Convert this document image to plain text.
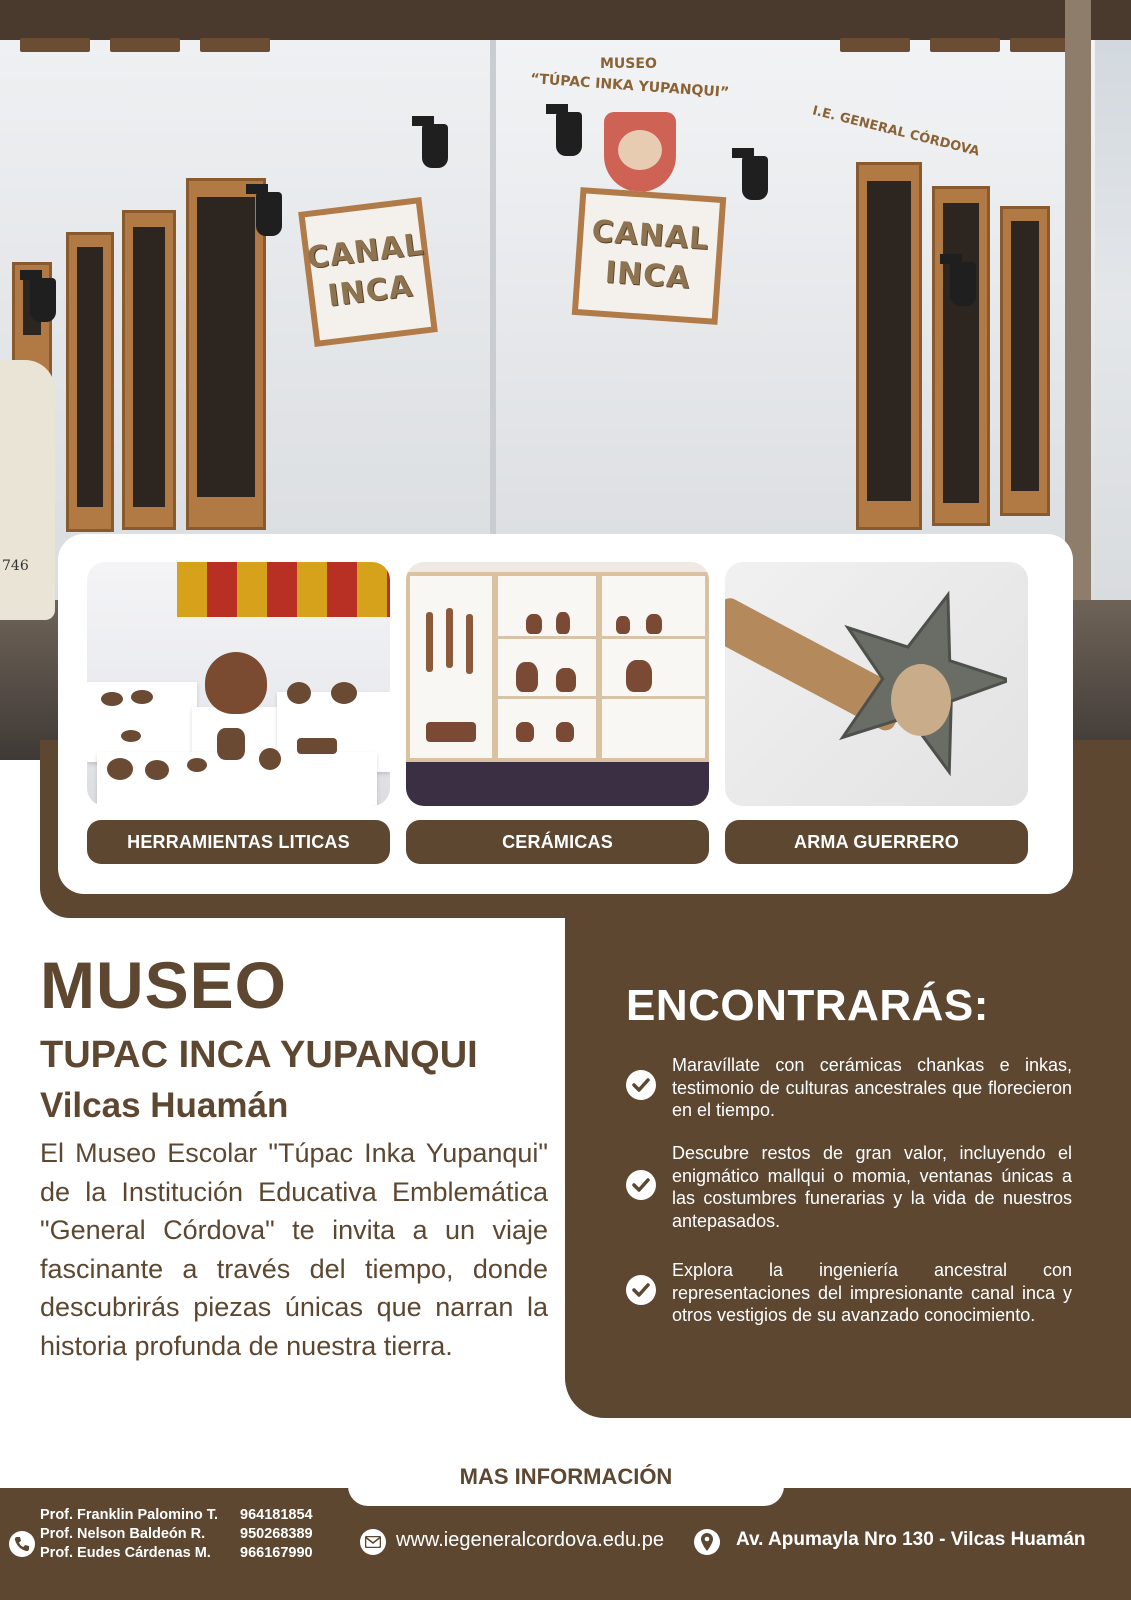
MUSEO
“TÚPAC INKA YUPANQUI”
I.E. GENERAL CÓRDOVA
CANAL
INCA
CANAL
INCA
746
HERRAMIENTAS LITICAS	CERÁMICAS	ARMA GUERRERO
MUSEO
TUPAC INCA YUPANQUI
Vilcas Huamán
El Museo Escolar "Túpac Inka Yupanqui" de la Institución Educativa Emblemática "General Córdova" te invita a un viaje fascinante a través del tiempo, donde descubrirás piezas únicas que narran la historia profunda de nuestra tierra.
ENCONTRARÁS:

Maravíllate con cerámicas chankas e inkas, testimonio de culturas ancestrales que florecieron en el tiempo.

Descubre restos de gran valor, incluyendo el enigmático mallqui o momia, ventanas únicas a las costumbres funerarias y la vida de nuestros antepasados.

Explora la ingeniería ancestral con representaciones del impresionante canal inca y otros vestigios de su avanzado conocimiento.

MAS INFORMACIÓN
Prof. Franklin Palomino T.	964181854
Prof. Nelson Baldeón R.	950268389
Prof. Eudes Cárdenas M.	966167990
www.iegeneralcordova.edu.pe	Av. Apumayla Nro 130 - Vilcas Huamán
